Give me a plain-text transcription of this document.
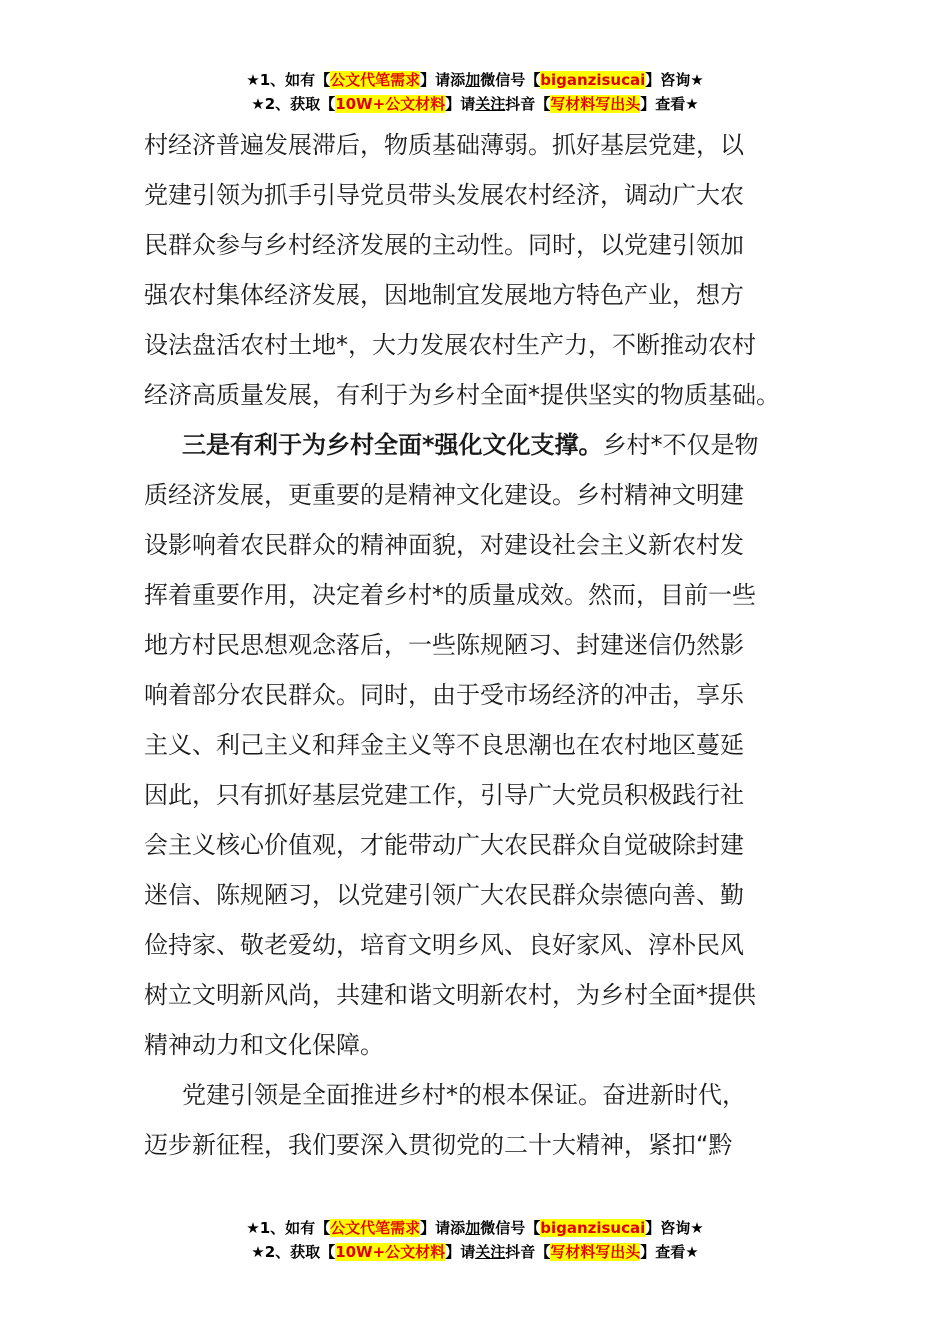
★1、如有【公文代笔需求】请添加微信号【biganzisucai】咨询★
★2、获取【10W+公文材料】请关注抖音【写材料写出头】查看★
村经济普遍发展滞后，物质基础薄弱。抓好基层党建，以
党建引领为抓手引导党员带头发展农村经济，调动广大农
民群众参与乡村经济发展的主动性。同时，以党建引领加
强农村集体经济发展，因地制宜发展地方特色产业，想方
设法盘活农村土地*，大力发展农村生产力，不断推动农村
经济高质量发展，有利于为乡村全面*提供坚实的物质基础。
三是有利于为乡村全面*强化文化支撑。乡村*不仅是物
质经济发展，更重要的是精神文化建设。乡村精神文明建
设影响着农民群众的精神面貌，对建设社会主义新农村发
挥着重要作用，决定着乡村*的质量成效。然而，目前一些
地方村民思想观念落后，一些陈规陋习、封建迷信仍然影
响着部分农民群众。同时，由于受市场经济的冲击，享乐
主义、利己主义和拜金主义等不良思潮也在农村地区蔓延
因此，只有抓好基层党建工作，引导广大党员积极践行社
会主义核心价值观，才能带动广大农民群众自觉破除封建
迷信、陈规陋习，以党建引领广大农民群众崇德向善、勤
俭持家、敬老爱幼，培育文明乡风、良好家风、淳朴民风
树立文明新风尚，共建和谐文明新农村，为乡村全面*提供
精神动力和文化保障。
党建引领是全面推进乡村*的根本保证。奋进新时代，
迈步新征程，我们要深入贯彻党的二十大精神，紧扣“黔
★1、如有【公文代笔需求】请添加微信号【biganzisucai】咨询★
★2、获取【10W+公文材料】请关注抖音【写材料写出头】查看★
